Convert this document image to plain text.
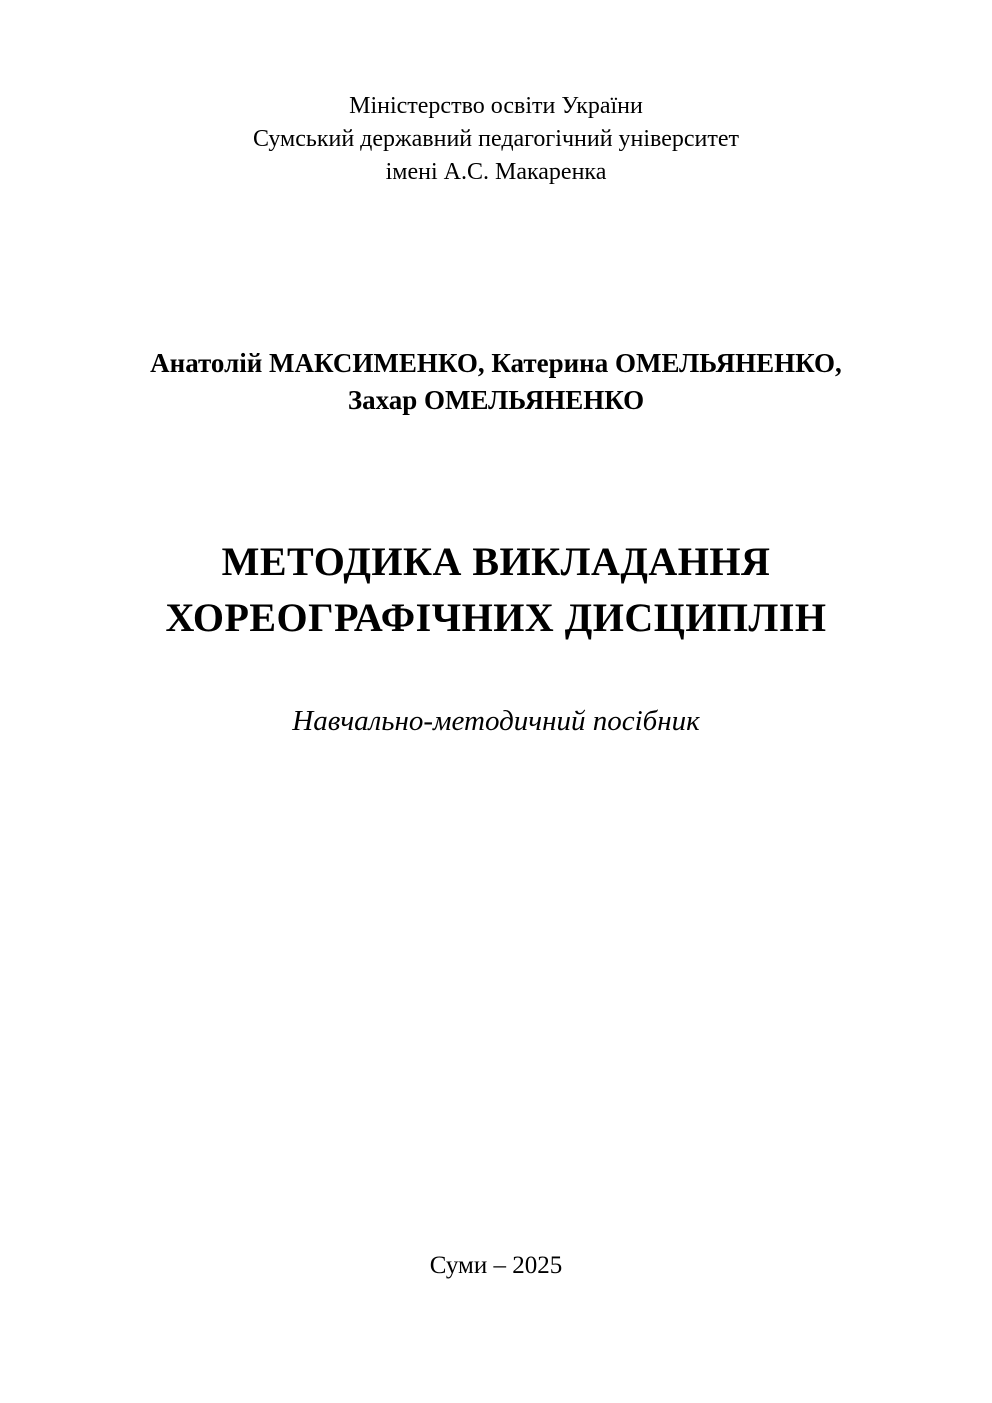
Міністерство освіти України
Сумський державний педагогічний університет
імені А.С. Макаренка
Анатолій МАКСИМЕНКО, Катерина ОМЕЛЬЯНЕНКО,
Захар ОМЕЛЬЯНЕНКО
МЕТОДИКА ВИКЛАДАННЯ
ХОРЕОГРАФІЧНИХ ДИСЦИПЛІН
Навчально-методичний посібник
Суми – 2025
